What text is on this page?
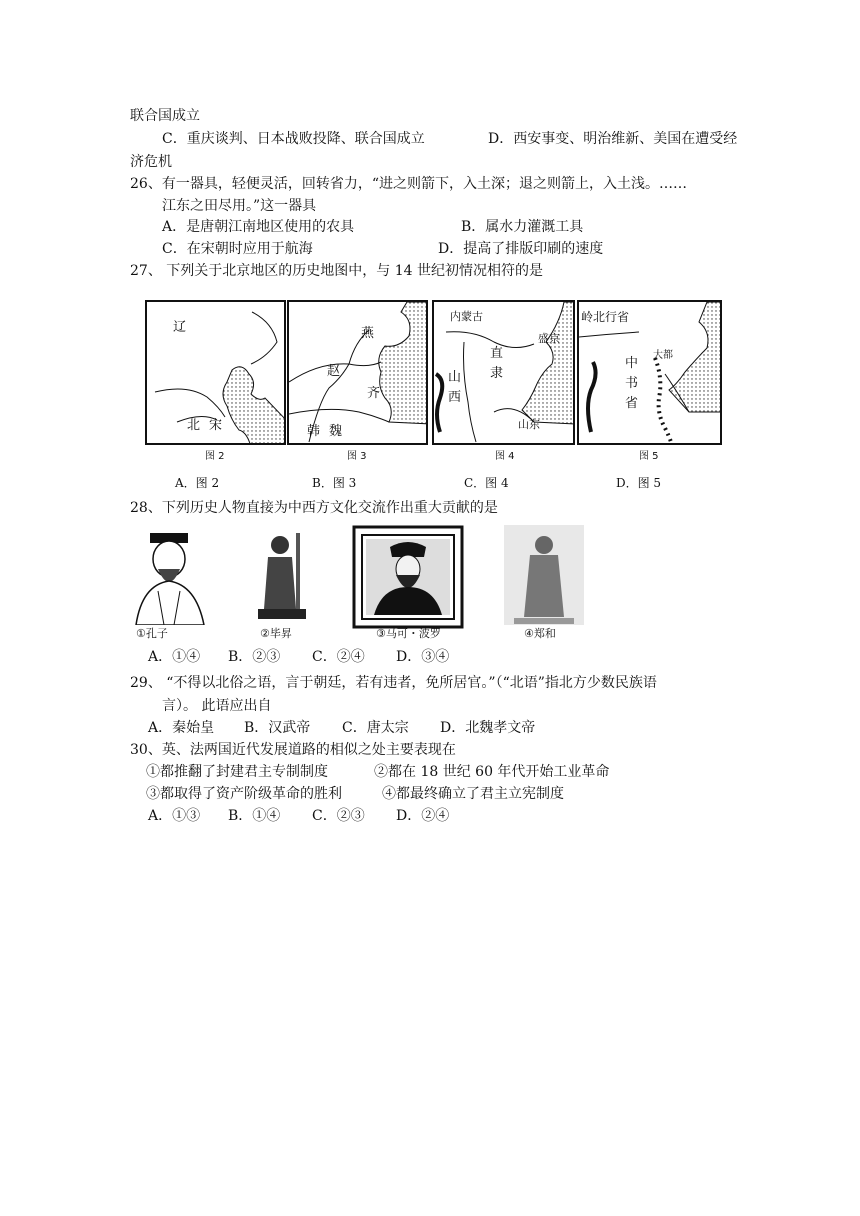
联合国成立
C．重庆谈判、日本战败投降、联合国成立	D．西安事变、明治维新、美国在遭受经
济危机
26、有一器具，轻便灵活，回转省力，“进之则箭下，入土深；退之则箭上，入土浅。……
江东之田尽用。”这一器具
A．是唐朝江南地区使用的农具	B．属水力灌溉工具
C．在宋朝时应用于航海	D．提高了排版印刷的速度
27、 下列关于北京地区的历史地图中，与 14 世纪初情况相符的是
辽
北 宋
燕
赵
齐
韩 魏
内蒙古
盛京
直
隶
山
西
山东
岭北行省
中
书
省
大都
图 2	图 3	图 4	图 5
A．图 2	B．图 3	C．图 4	D．图 5
28、下列历史人物直接为中西方文化交流作出重大贡献的是
①孔子	②毕昇	③马可・波罗	④郑和
A．①④ B．②③ C．②④ D．③④
29、 “不得以北俗之语，言于朝廷，若有违者，免所居官。”（“北语”指北方少数民族语
言）。 此语应出自
A．秦始皇 B．汉武帝 C．唐太宗 D．北魏孝文帝
30、英、法两国近代发展道路的相似之处主要表现在
①都推翻了封建君主专制制度	②都在 18 世纪 60 年代开始工业革命
③都取得了资产阶级革命的胜利	④都最终确立了君主立宪制度
A．①③ B．①④ C．②③ D．②④
